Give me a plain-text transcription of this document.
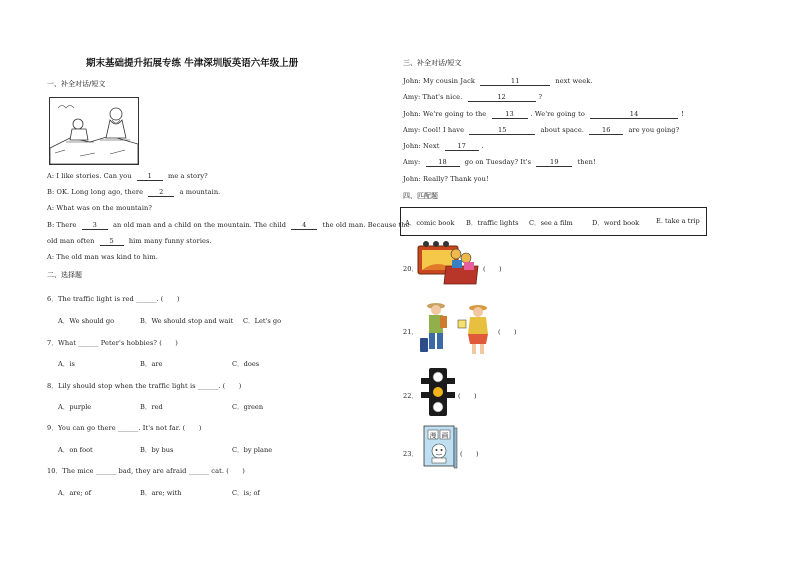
期末基础提升拓展专练 牛津深圳版英语六年级上册
一、补全对话/短文
A: I like stories. Can you 1 me a story?
B: OK. Long long ago, there 2 a mountain.
A: What was on the mountain?
B: There 3 an old man and a child on the mountain. The child 4 the old man. Because the
old man often 5 him many funny stories.
A: The old man was kind to him.
二、选择题
6．The traffic light is red ______. (　　)
A．We should go	B．We should stop and wait C．Let's go
7．What ______ Peter's hobbies? (　　)
A．is	B．are	C．does
8．Lily should stop when the traffic light is ______. (　　)
A．purple	B．red	C．green
9．You can go there ______. It's not far. (　　)
A．on foot	B．by bus	C．by plane
10．The mice ______ bad, they are afraid ______ cat. (　　)
A．are; of	B．are; with	C．is; of
三、补全对话/短文
John: My cousin Jack	11	next week.
Amy: That's nice.	12	?
John: We're going to the	13	. We're going to	14	!
Amy: Cool! I have	15	about space. 16 are you going?
John: Next 17 .
Amy: 18 go on Tuesday? It's	19	then!
John: Really? Thank you!
四、匹配题
A．comic book B．traffic lights C．see a film	D．word book	E. take a trip
20．	(　　)
21．	(　　)
22．	(　　)
23．
漫 画
(　　)
